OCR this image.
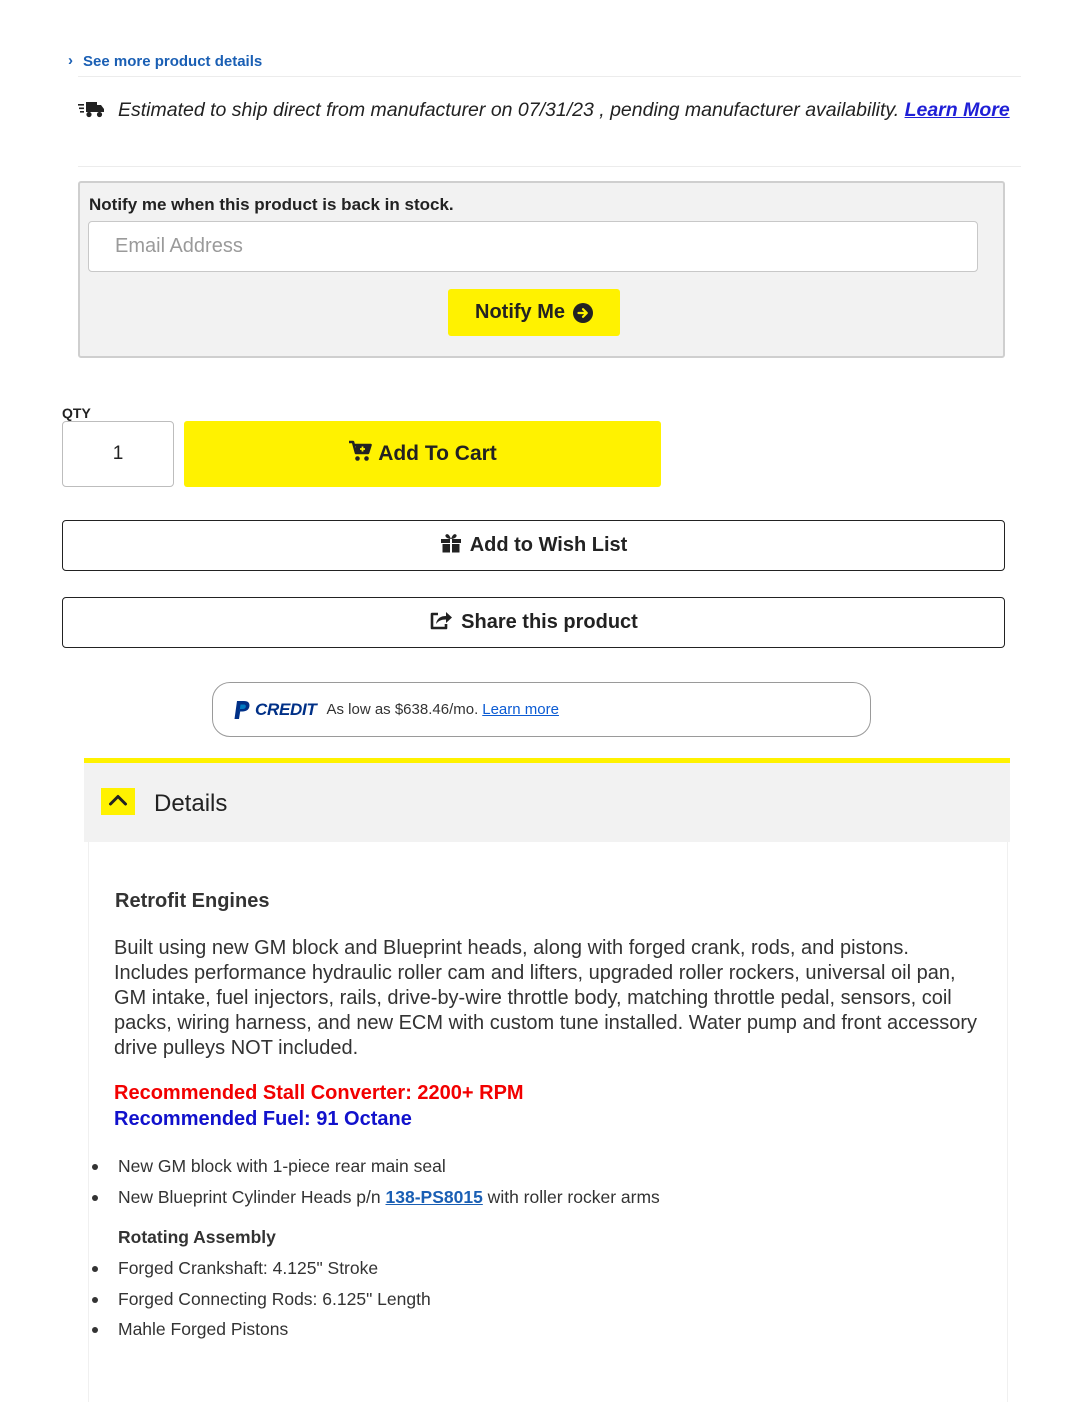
› See more product details
Estimated to ship direct from manufacturer on 07/31/23 , pending manufacturer availability. Learn More
Notify me when this product is back in stock.
Email Address
Notify Me
QTY
1
Add To Cart
Add to Wish List
Share this product
CREDIT As low as $638.46/mo. Learn more
Details
Retrofit Engines
Built using new GM block and Blueprint heads, along with forged crank, rods, and pistons. Includes performance hydraulic roller cam and lifters, upgraded roller rockers, universal oil pan, GM intake, fuel injectors, rails, drive-by-wire throttle body, matching throttle pedal, sensors, coil packs, wiring harness, and new ECM with custom tune installed. Water pump and front accessory drive pulleys NOT included.
Recommended Stall Converter: 2200+ RPM
Recommended Fuel: 91 Octane
New GM block with 1-piece rear main seal
New Blueprint Cylinder Heads p/n 138-PS8015 with roller rocker arms
Rotating Assembly
Forged Crankshaft: 4.125" Stroke
Forged Connecting Rods: 6.125" Length
Mahle Forged Pistons
